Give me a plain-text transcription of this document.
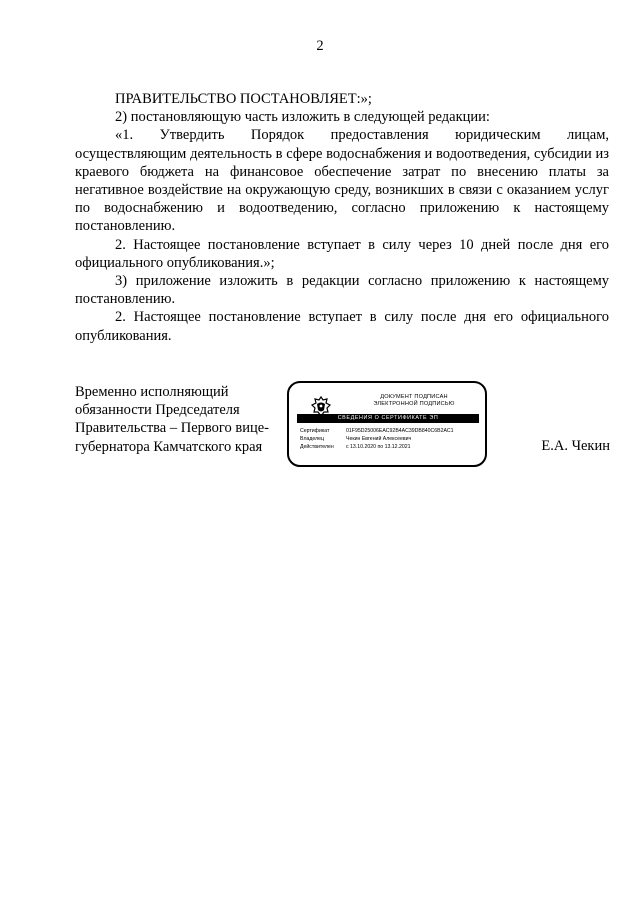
2

ПРАВИТЕЛЬСТВО ПОСТАНОВЛЯЕТ:»;

2) постановляющую часть изложить в следующей редакции:

«1. Утвердить Порядок предоставления юридическим лицам, осуществляющим деятельность в сфере водоснабжения и водоотведения, субсидии из краевого бюджета на финансовое обеспечение затрат по внесению платы за негативное воздействие на окружающую среду, возникших в связи с оказанием услуг по водоснабжению и водоотведению, согласно приложению к настоящему постановлению.

2. Настоящее постановление вступает в силу через 10 дней после дня его официального опубликования.»;

3) приложение изложить в редакции согласно приложению к настоящему постановлению.

2. Настоящее постановление вступает в силу после дня его официального опубликования.

Временно исполняющий
обязанности Председателя
Правительства – Первого вице-
губернатора Камчатского края
ДОКУМЕНТ ПОДПИСАН
ЭЛЕКТРОННОЙ ПОДПИСЬЮ
СВЕДЕНИЯ О СЕРТИФИКАТЕ ЭП
Сертификат	01F95D25006EAC92B4AC39DB840C6B2AC1
Владелец	Чекин Евгений Алексеевич
Действителен с 13.10.2020 по 13.12.2021	Е.А. Чекин
